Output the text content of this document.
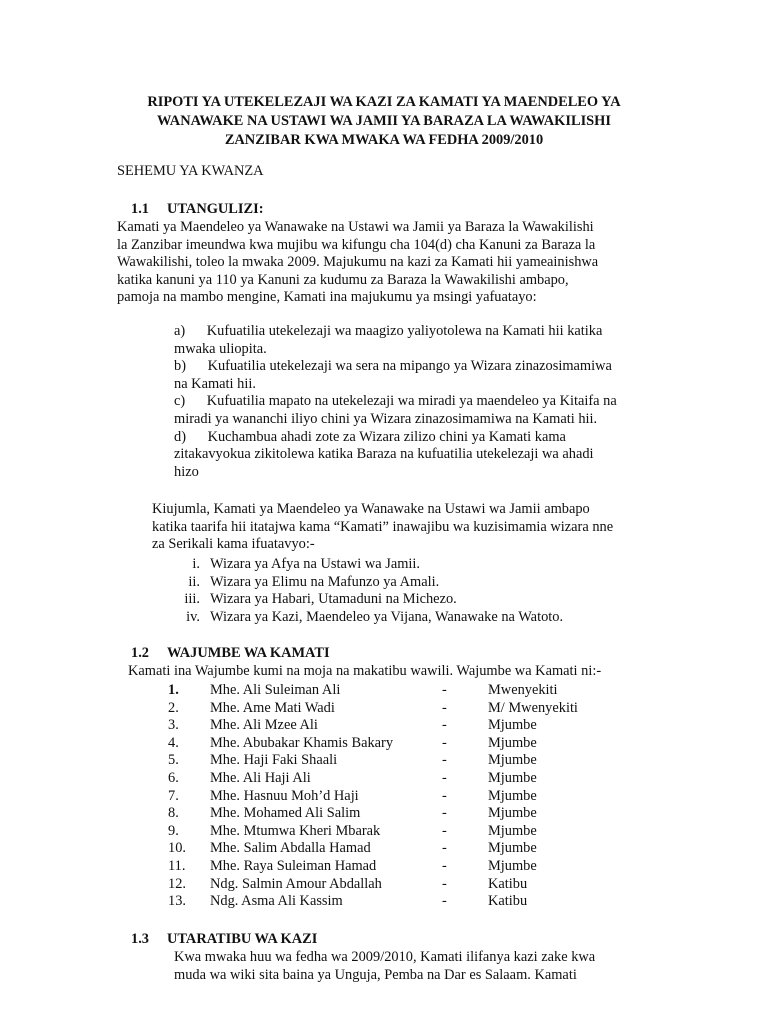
RIPOTI YA UTEKELEZAJI WA KAZI ZA KAMATI YA MAENDELEO YA
WANAWAKE NA USTAWI WA JAMII YA BARAZA LA WAWAKILISHI
ZANZIBAR KWA MWAKA WA FEDHA 2009/2010
SEHEMU YA KWANZA
1.1 UTANGULIZI:
Kamati ya Maendeleo ya Wanawake na Ustawi wa Jamii ya Baraza la Wawakilishi
la Zanzibar imeundwa kwa mujibu wa kifungu cha 104(d) cha Kanuni za Baraza la
Wawakilishi, toleo la mwaka 2009. Majukumu na kazi za Kamati hii yameainishwa
katika kanuni ya 110 ya Kanuni za kudumu za Baraza la Wawakilishi ambapo,
pamoja na mambo mengine, Kamati ina majukumu ya msingi yafuatayo:
a)      Kufuatilia utekelezaji wa maagizo yaliyotolewa na Kamati hii katika
mwaka uliopita.
b)      Kufuatilia utekelezaji wa sera na mipango ya Wizara zinazosimamiwa
na Kamati hii.
c)      Kufuatilia mapato na utekelezaji wa miradi ya maendeleo ya Kitaifa na
miradi ya wananchi iliyo chini ya Wizara zinazosimamiwa na Kamati hii.
d)      Kuchambua ahadi zote za Wizara zilizo chini ya Kamati kama
zitakavyokua zikitolewa katika Baraza na kufuatilia utekelezaji wa ahadi
hizo
Kiujumla, Kamati ya Maendeleo ya Wanawake na Ustawi wa Jamii ambapo
katika taarifa hii itatajwa kama “Kamati” inawajibu wa kuzisimamia wizara nne
za Serikali kama ifuatavyo:-
i. Wizara ya Afya na Ustawi wa Jamii.
ii. Wizara ya Elimu na Mafunzo ya Amali.
iii. Wizara ya Habari, Utamaduni na Michezo.
iv. Wizara ya Kazi, Maendeleo ya Vijana, Wanawake na Watoto.
1.2 WAJUMBE WA KAMATI
Kamati ina Wajumbe kumi na moja na makatibu wawili. Wajumbe wa Kamati ni:-
1.	Mhe. Ali Suleiman Ali	-	Mwenyekiti
2.	Mhe. Ame Mati Wadi	-	M/ Mwenyekiti
3.	Mhe. Ali Mzee Ali	-	Mjumbe
4.	Mhe. Abubakar Khamis Bakary	-	Mjumbe
5.	Mhe. Haji Faki Shaali	-	Mjumbe
6.	Mhe. Ali Haji Ali	-	Mjumbe
7.	Mhe. Hasnuu Moh’d Haji	-	Mjumbe
8.	Mhe. Mohamed Ali Salim	-	Mjumbe
9.	Mhe. Mtumwa Kheri Mbarak	-	Mjumbe
10.	Mhe. Salim Abdalla Hamad	-	Mjumbe
11.	Mhe. Raya Suleiman Hamad	-	Mjumbe
12.	Ndg. Salmin Amour Abdallah	-	Katibu
13.	Ndg. Asma Ali Kassim	-	Katibu
1.3 UTARATIBU WA KAZI
Kwa mwaka huu wa fedha wa 2009/2010, Kamati ilifanya kazi zake kwa
muda wa wiki sita baina ya Unguja, Pemba na Dar es Salaam. Kamati
